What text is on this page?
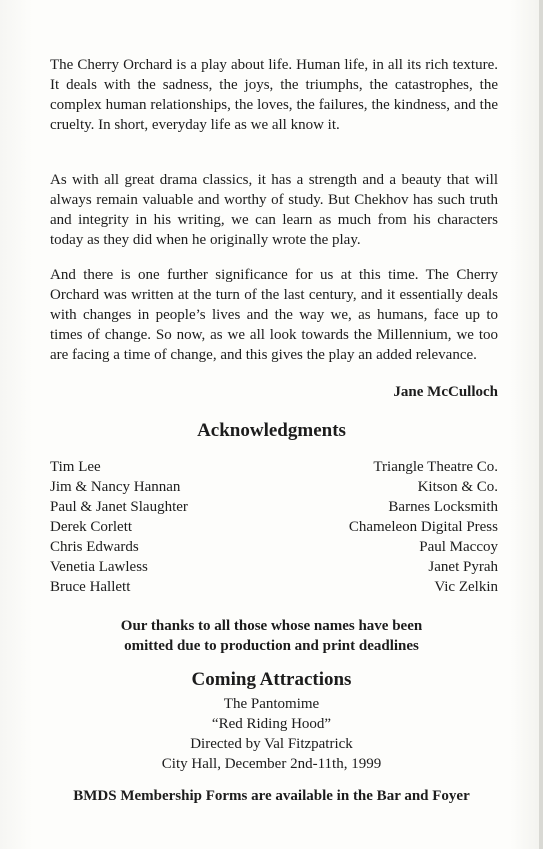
The Cherry Orchard is a play about life. Human life, in all its rich texture. It deals with the sadness, the joys, the triumphs, the catastrophes, the complex human relationships, the loves, the failures, the kindness, and the cruelty. In short, everyday life as we all know it.

As with all great drama classics, it has a strength and a beauty that will always remain valuable and worthy of study. But Chekhov has such truth and integrity in his writing, we can learn as much from his characters today as they did when he originally wrote the play.

And there is one further significance for us at this time. The Cherry Orchard was written at the turn of the last century, and it essentially deals with changes in people’s lives and the way we, as humans, face up to times of change. So now, as we all look towards the Millennium, we too are facing a time of change, and this gives the play an added relevance.

Jane McCulloch

Acknowledgments
Tim Lee
Jim & Nancy Hannan
Paul & Janet Slaughter
Derek Corlett
Chris Edwards
Venetia Lawless
Bruce Hallett
Triangle Theatre Co.
Kitson & Co.
Barnes Locksmith
Chameleon Digital Press
Paul Maccoy
Janet Pyrah
Vic Zelkin

Our thanks to all those whose names have been
omitted due to production and print deadlines

Coming Attractions

The Pantomime
“Red Riding Hood”
Directed by Val Fitzpatrick
City Hall, December 2nd-11th, 1999

BMDS Membership Forms are available in the Bar and Foyer
